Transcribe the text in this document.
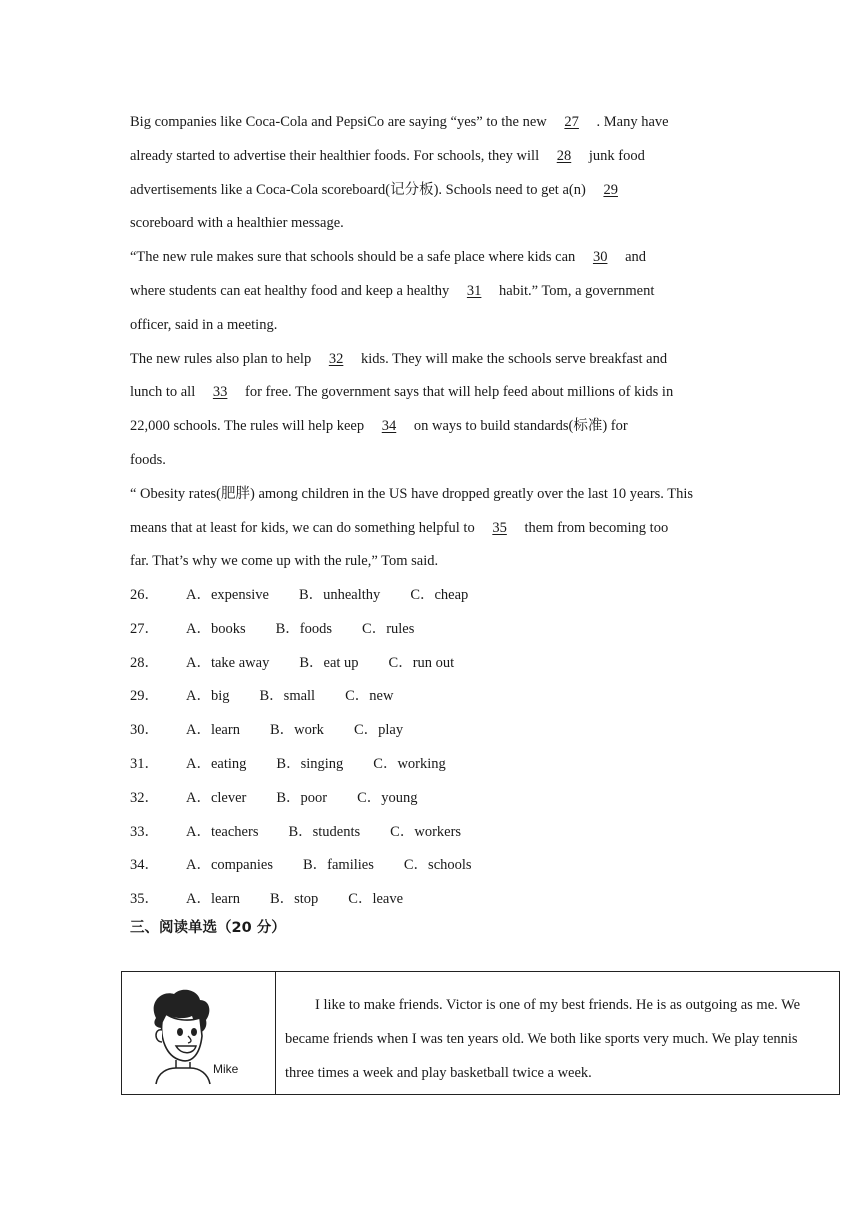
Big companies like Coca-Cola and PepsiCo are saying “yes” to the new 27 . Many have
already started to advertise their healthier foods. For schools, they will 28 junk food
advertisements like a Coca-Cola scoreboard(记分板). Schools need to get a(n) 29
scoreboard with a healthier message.
“The new rule makes sure that schools should be a safe place where kids can 30 and
where students can eat healthy food and keep a healthy 31 habit.” Tom, a government
officer, said in a meeting.
The new rules also plan to help 32 kids. They will make the schools serve breakfast and
lunch to all 33 for free. The government says that will help feed about millions of kids in
22,000 schools. The rules will help keep 34 on ways to build standards(标准) for
foods.
“ Obesity rates(肥胖) among children in the US have dropped greatly over the last 10 years. This
means that at least for kids, we can do something helpful to 35 them from becoming too
far. That’s why we come up with the rule,” Tom said.
26． A．expensive B．unhealthy C．cheap
27． A．books B．foods C．rules
28． A．take away B．eat up C．run out
29． A．big B．small C．new
30． A．learn B．work C．play
31． A．eating B．singing C．working
32． A．clever B．poor C．young
33． A．teachers B．students C．workers
34． A．companies B．families C．schools
35． A．learn B．stop C．leave
三、阅读单选（20 分）
Mike

I like to make friends. Victor is one of my best friends. He is as outgoing as me. We became friends when I was ten years old. We both like sports very much. We play tennis three times a week and play basketball twice a week.
